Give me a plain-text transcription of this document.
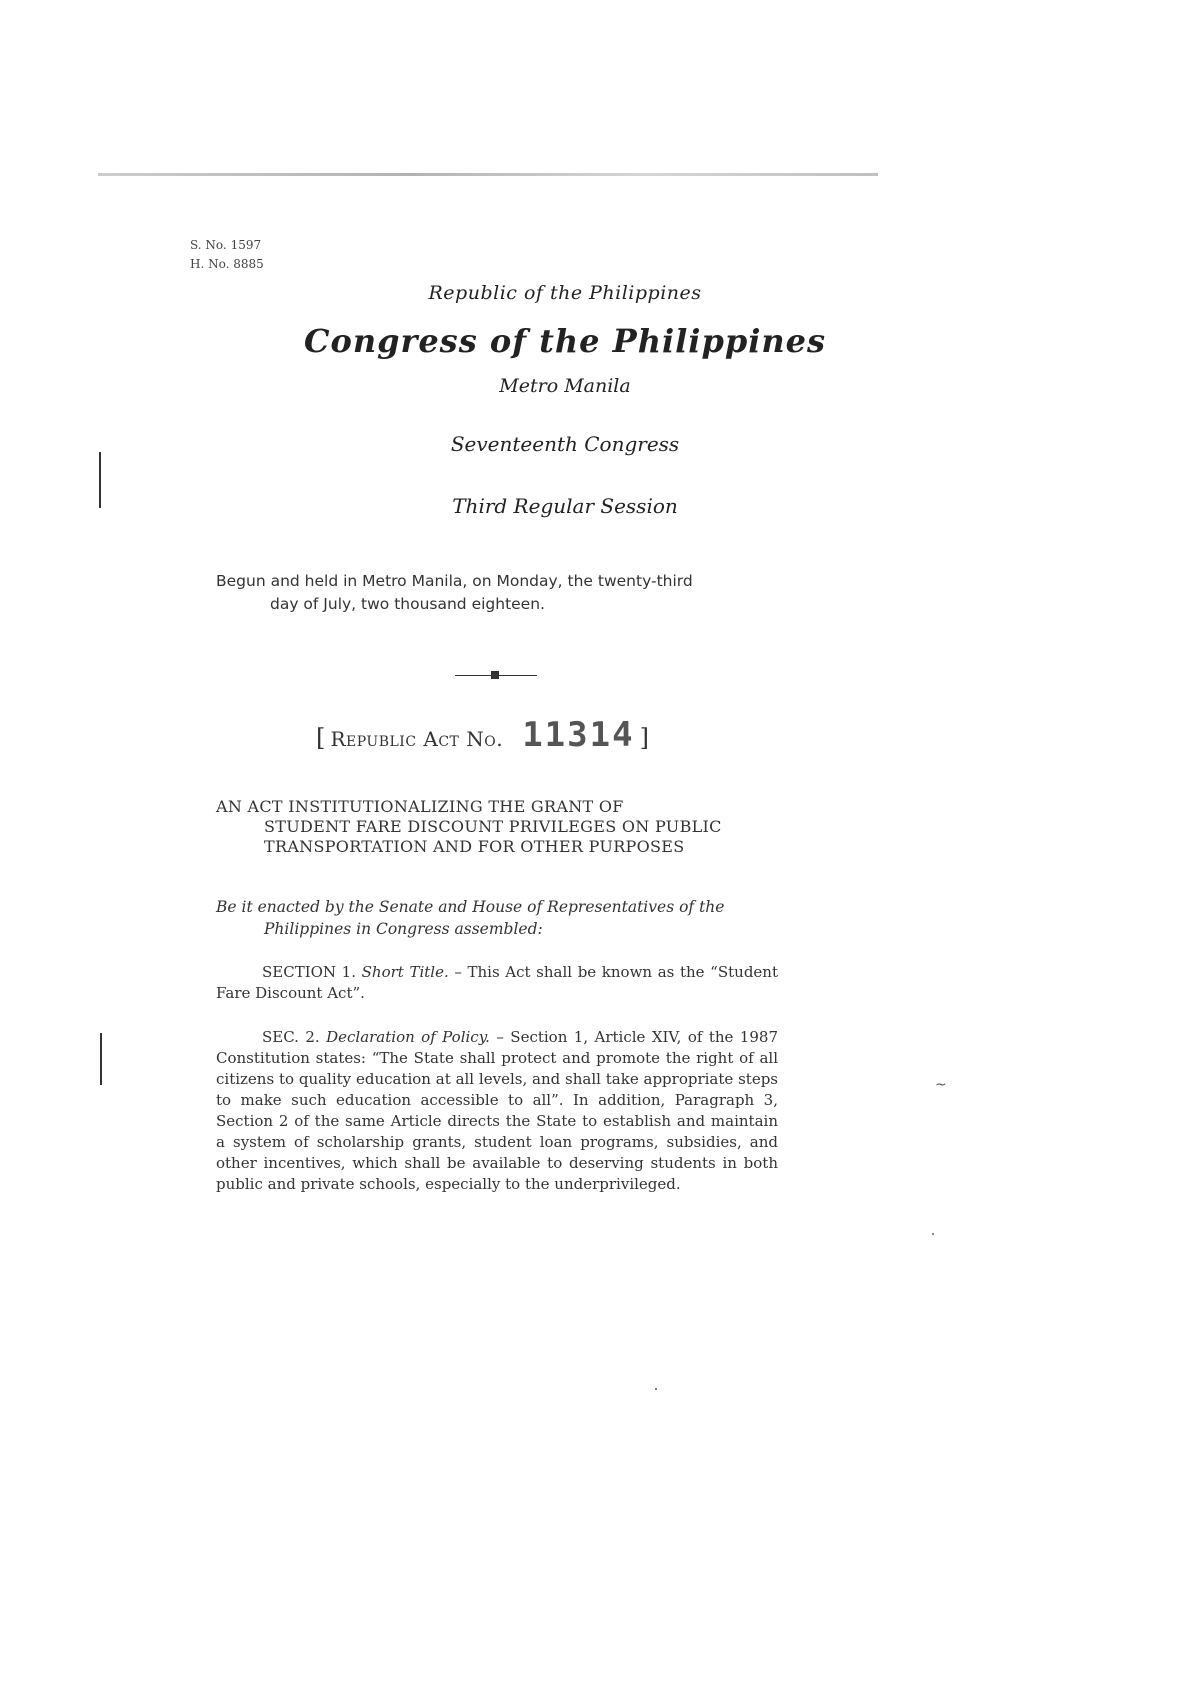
~
S. No. 1597
H. No. 8885
Republic of the Philippines
Congress of the Philippines
Metro Manila
Seventeenth Congress
Third Regular Session
Begun and held in Metro Manila, on Monday, the twenty-third
day of July, two thousand eighteen.
[ Republic Act No. 11314 ]
AN ACT INSTITUTIONALIZING THE GRANT OF
STUDENT FARE DISCOUNT PRIVILEGES ON PUBLIC
TRANSPORTATION AND FOR OTHER PURPOSES
Be it enacted by the Senate and House of Representatives of the
Philippines in Congress assembled:
SECTION 1. Short Title. – This Act shall be known as the “Student Fare Discount Act”.
SEC. 2. Declaration of Policy. – Section 1, Article XIV, of the 1987 Constitution states: “The State shall protect and promote the right of all citizens to quality education at all levels, and shall take appropriate steps to make such education accessible to all”. In addition, Paragraph 3, Section 2 of the same Article directs the State to establish and maintain a system of scholarship grants, student loan programs, subsidies, and other incentives, which shall be available to deserving students in both public and private schools, especially to the underprivileged.
